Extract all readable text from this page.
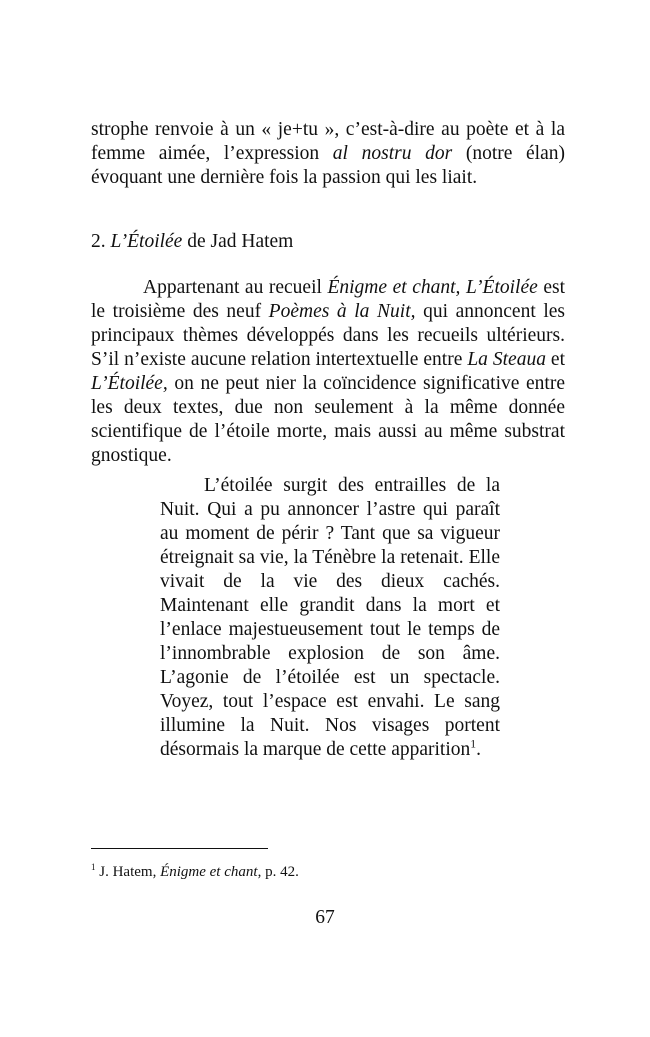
strophe renvoie à un « je+tu », c’est-à-dire au poète et à la femme aimée, l’expression al nostru dor (notre élan) évoquant une dernière fois la passion qui les liait.

2. L’Étoilée de Jad Hatem

Appartenant au recueil Énigme et chant, L’Étoilée est le troisième des neuf Poèmes à la Nuit, qui annoncent les principaux thèmes développés dans les recueils ultérieurs. S’il n’existe aucune relation intertextuelle entre La Steaua et L’Étoilée, on ne peut nier la coïncidence significative entre les deux textes, due non seulement à la même donnée scientifique de l’étoile morte, mais aussi au même substrat gnostique.

L’étoilée surgit des entrailles de la Nuit. Qui a pu annoncer l’astre qui paraît au moment de périr ? Tant que sa vigueur étreignait sa vie, la Ténèbre la retenait. Elle vivait de la vie des dieux cachés. Maintenant elle grandit dans la mort et l’enlace majestueusement tout le temps de l’innombrable explosion de son âme. L’agonie de l’étoilée est un spectacle. Voyez, tout l’espace est envahi. Le sang illumine la Nuit. Nos visages portent désormais la marque de cette apparition$^1$.

$^1$ J. Hatem, Énigme et chant, p. 42.

67
